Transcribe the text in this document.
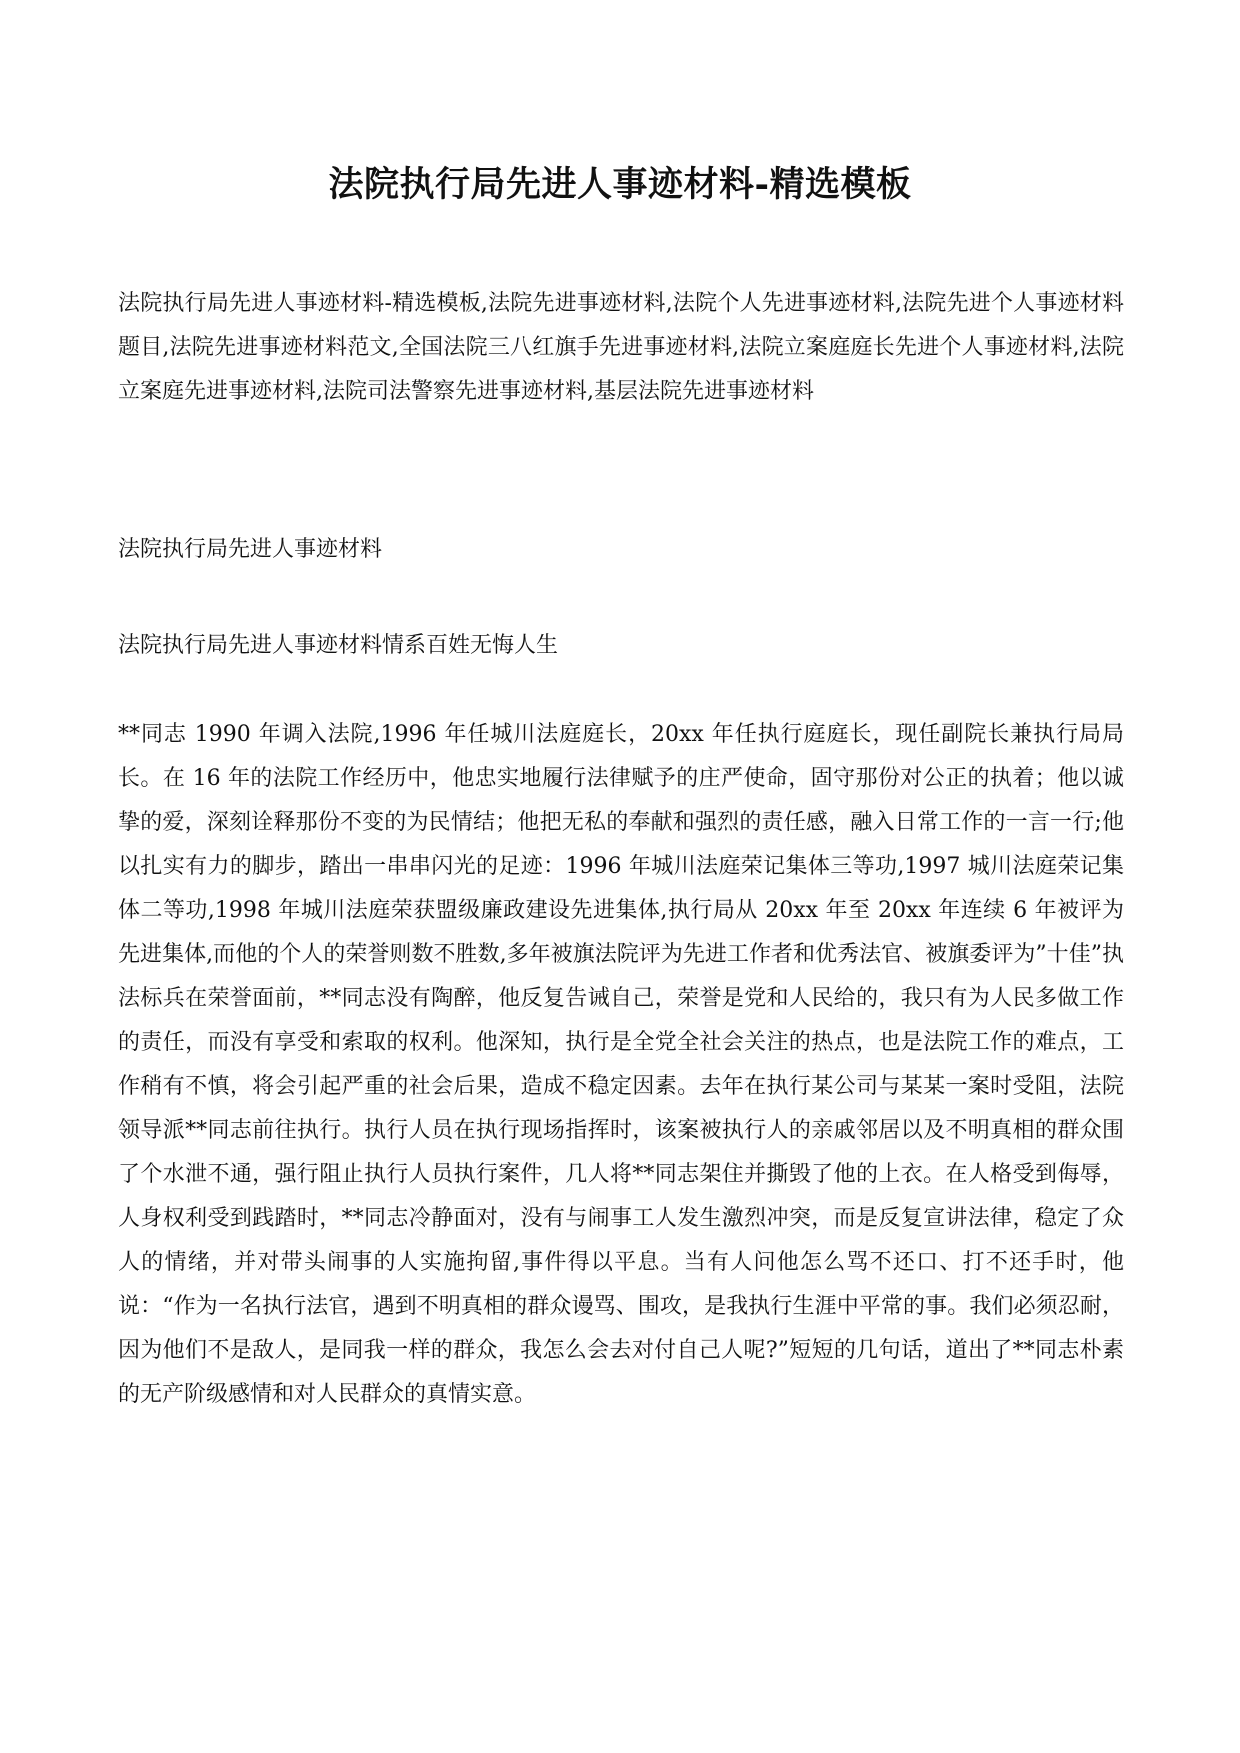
法院执行局先进人事迹材料-精选模板

法院执行局先进人事迹材料-精选模板,法院先进事迹材料,法院个人先进事迹材料,法院先进个人事迹材料题目,法院先进事迹材料范文,全国法院三八红旗手先进事迹材料,法院立案庭庭长先进个人事迹材料,法院立案庭先进事迹材料,法院司法警察先进事迹材料,基层法院先进事迹材料

法院执行局先进人事迹材料

法院执行局先进人事迹材料情系百姓无悔人生

**同志 1990 年调入法院,1996 年任城川法庭庭长，20xx 年任执行庭庭长，现任副院长兼执行局局长。在 16 年的法院工作经历中，他忠实地履行法律赋予的庄严使命，固守那份对公正的执着；他以诚挚的爱，深刻诠释那份不变的为民情结；他把无私的奉献和强烈的责任感，融入日常工作的一言一行;他以扎实有力的脚步，踏出一串串闪光的足迹：1996 年城川法庭荣记集体三等功,1997 城川法庭荣记集体二等功,1998 年城川法庭荣获盟级廉政建设先进集体,执行局从 20xx 年至 20xx 年连续 6 年被评为先进集体,而他的个人的荣誉则数不胜数,多年被旗法院评为先进工作者和优秀法官、被旗委评为”十佳”执法标兵在荣誉面前，**同志没有陶醉，他反复告诫自己，荣誉是党和人民给的，我只有为人民多做工作的责任，而没有享受和索取的权利。他深知，执行是全党全社会关注的热点，也是法院工作的难点，工作稍有不慎，将会引起严重的社会后果，造成不稳定因素。去年在执行某公司与某某一案时受阻，法院领导派**同志前往执行。执行人员在执行现场指挥时，该案被执行人的亲戚邻居以及不明真相的群众围了个水泄不通，强行阻止执行人员执行案件，几人将**同志架住并撕毁了他的上衣。在人格受到侮辱，人身权利受到践踏时，**同志冷静面对，没有与闹事工人发生激烈冲突，而是反复宣讲法律，稳定了众人的情绪，并对带头闹事的人实施拘留,事件得以平息。当有人问他怎么骂不还口、打不还手时，他说：“作为一名执行法官，遇到不明真相的群众谩骂、围攻，是我执行生涯中平常的事。我们必须忍耐，因为他们不是敌人，是同我一样的群众，我怎么会去对付自己人呢?”短短的几句话，道出了**同志朴素的无产阶级感情和对人民群众的真情实意。
